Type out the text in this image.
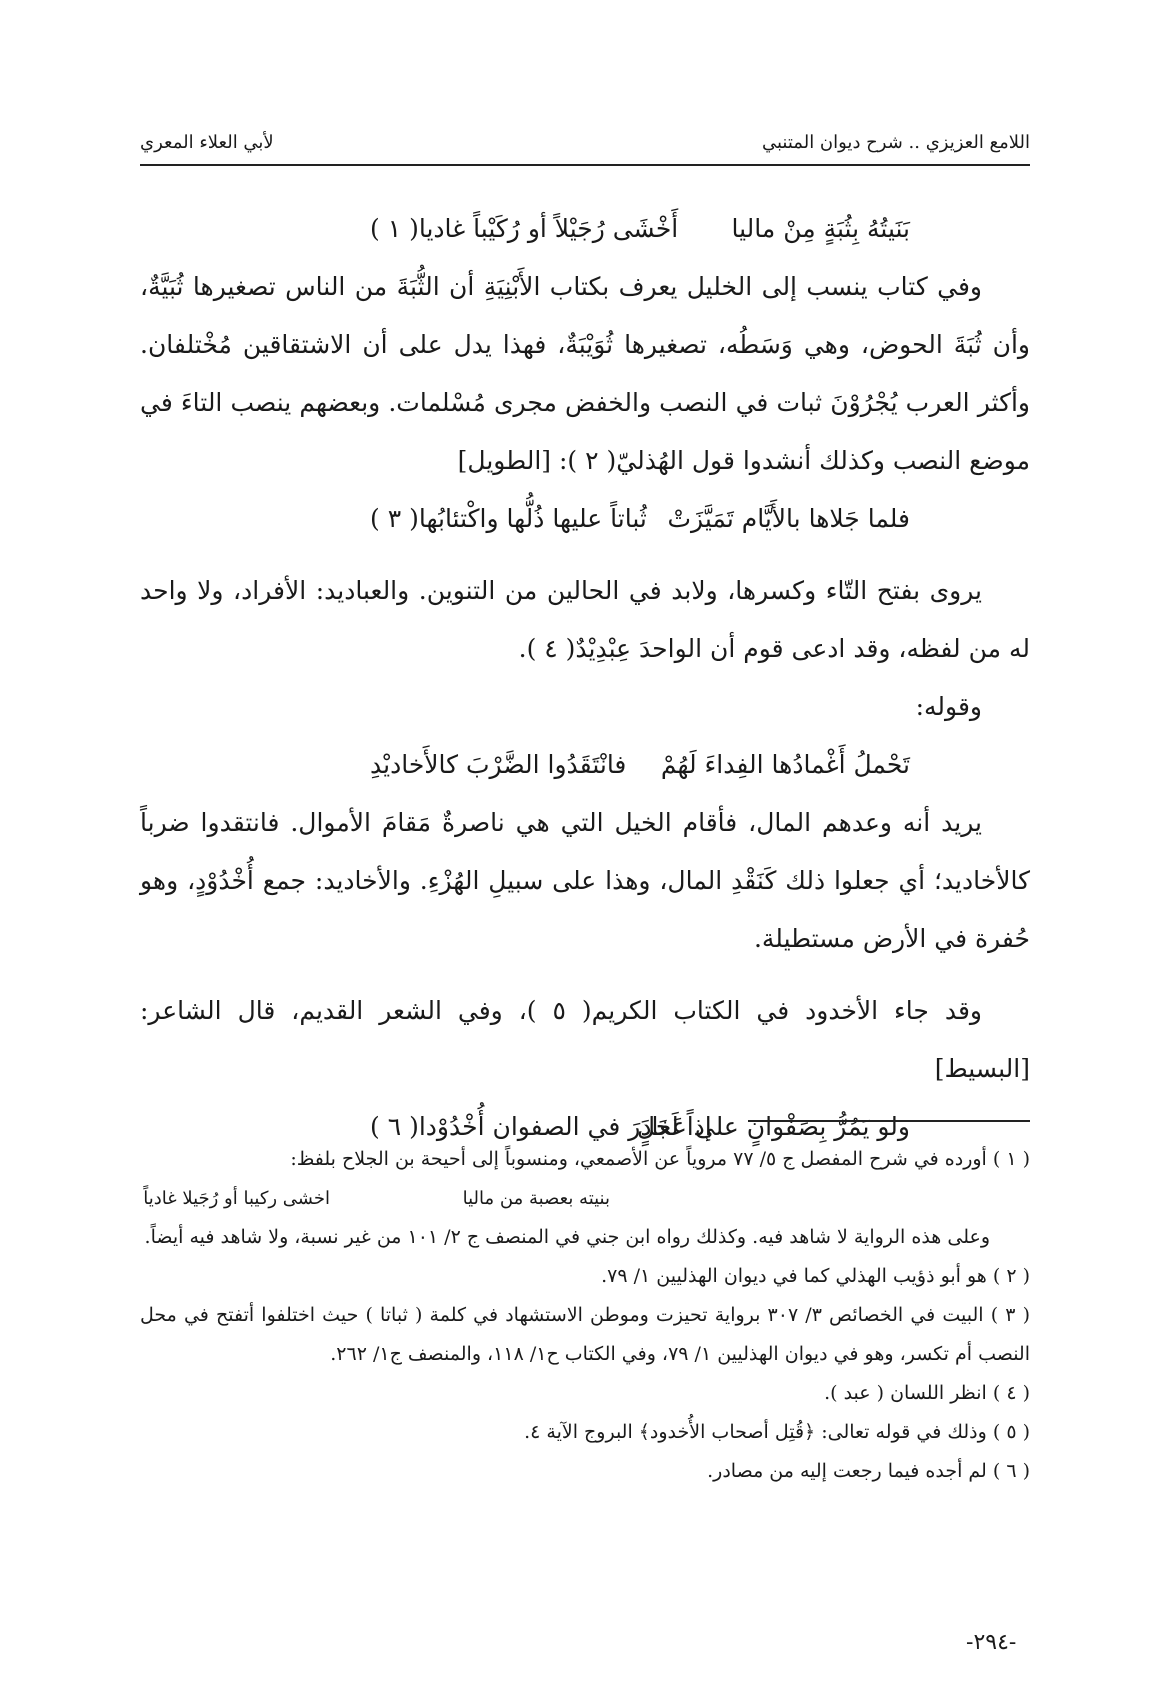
اللامع العزيزي .. شرح ديوان المتنبي
لأبي العلاء المعري
بَنَيتُهُ بِثُبَةٍ مِنْ ماليا
أَخْشَى رُجَيْلاً أو رُكَيْباً غاديا( ١ )

وفي كتاب ينسب إلى الخليل يعرف بكتاب الأَبْنِيَةِ أن الثُّبَةَ من الناس تصغيرها ثُبَيَّةٌ، وأن ثُبَةَ الحوض، وهي وَسَطُه، تصغيرها ثُوَيْبَةٌ، فهذا يدل على أن الاشتقاقين مُخْتلفان. وأكثر العرب يُجْرُوْنَ ثبات في النصب والخفض مجرى مُسْلمات. وبعضهم ينصب التاءَ في موضع النصب وكذلك أنشدوا قول الهُذليّ( ٢ ): [الطويل]

فلما جَلاها بالأَيَّام تَمَيَّزَتْ
ثُباتاً عليها ذُلُّها واكْتئابُها( ٣ )

يروى بفتح التّاء وكسرها، ولابد في الحالين من التنوين. والعباديد: الأفراد، ولا واحد له من لفظه، وقد ادعى قوم أن الواحدَ عِبْدِيْدٌ( ٤ ).

وقوله:

تَحْملُ أَغْمادُها الفِداءَ لَهُمْ
فانْتَقَدُوا الضَّرْبَ كالأَخاديْدِ

يريد أنه وعدهم المال، فأقام الخيل التي هي ناصرةٌ مَقامَ الأموال. فانتقدوا ضرباً كالأخاديد؛ أي جعلوا ذلك كَنَقْدِ المال، وهذا على سبيلِ الهُزْءِ. والأخاديد: جمع أُخْدُوْدٍ، وهو حُفرة في الأرض مستطيلة.

وقد جاء الأخدود في الكتاب الكريم( ٥ )، وفي الشعر القديم، قال الشاعر: [البسيط]

ولو يَمُرُّ بِصَفْوانٍ على عَجَلٍ
إذاً لَغادَرَ في الصفوان أُخْدُوْدا( ٦ )

( ١ ) أورده في شرح المفصل ج ٥/ ٧٧ مروياً عن الأصمعي، ومنسوباً إلى أحيحة بن الجلاح بلفظ:

بنيته بعصبة من ماليا
اخشى ركيبا أو رُجَيلا غادياً

وعلى هذه الرواية لا شاهد فيه. وكذلك رواه ابن جني في المنصف ج ٢/ ١٠١ من غير نسبة، ولا شاهد فيه أيضاً.

( ٢ ) هو أبو ذؤيب الهذلي كما في ديوان الهذليين ١/ ٧٩.

( ٣ ) البيت في الخصائص ٣/ ٣٠٧ برواية تحيزت وموطن الاستشهاد في كلمة ( ثباتا ) حيث اختلفوا أتفتح في محل النصب أم تكسر، وهو في ديوان الهذليين ١/ ٧٩، وفي الكتاب ح١/ ١١٨، والمنصف ج١/ ٢٦٢.

( ٤ ) انظر اللسان ( عبد ).

( ٥ ) وذلك في قوله تعالى: ﴿قُتِل أصحاب الأُخدود﴾ البروج الآية ٤.

( ٦ ) لم أجده فيما رجعت إليه من مصادر.

-٢٩٤-
